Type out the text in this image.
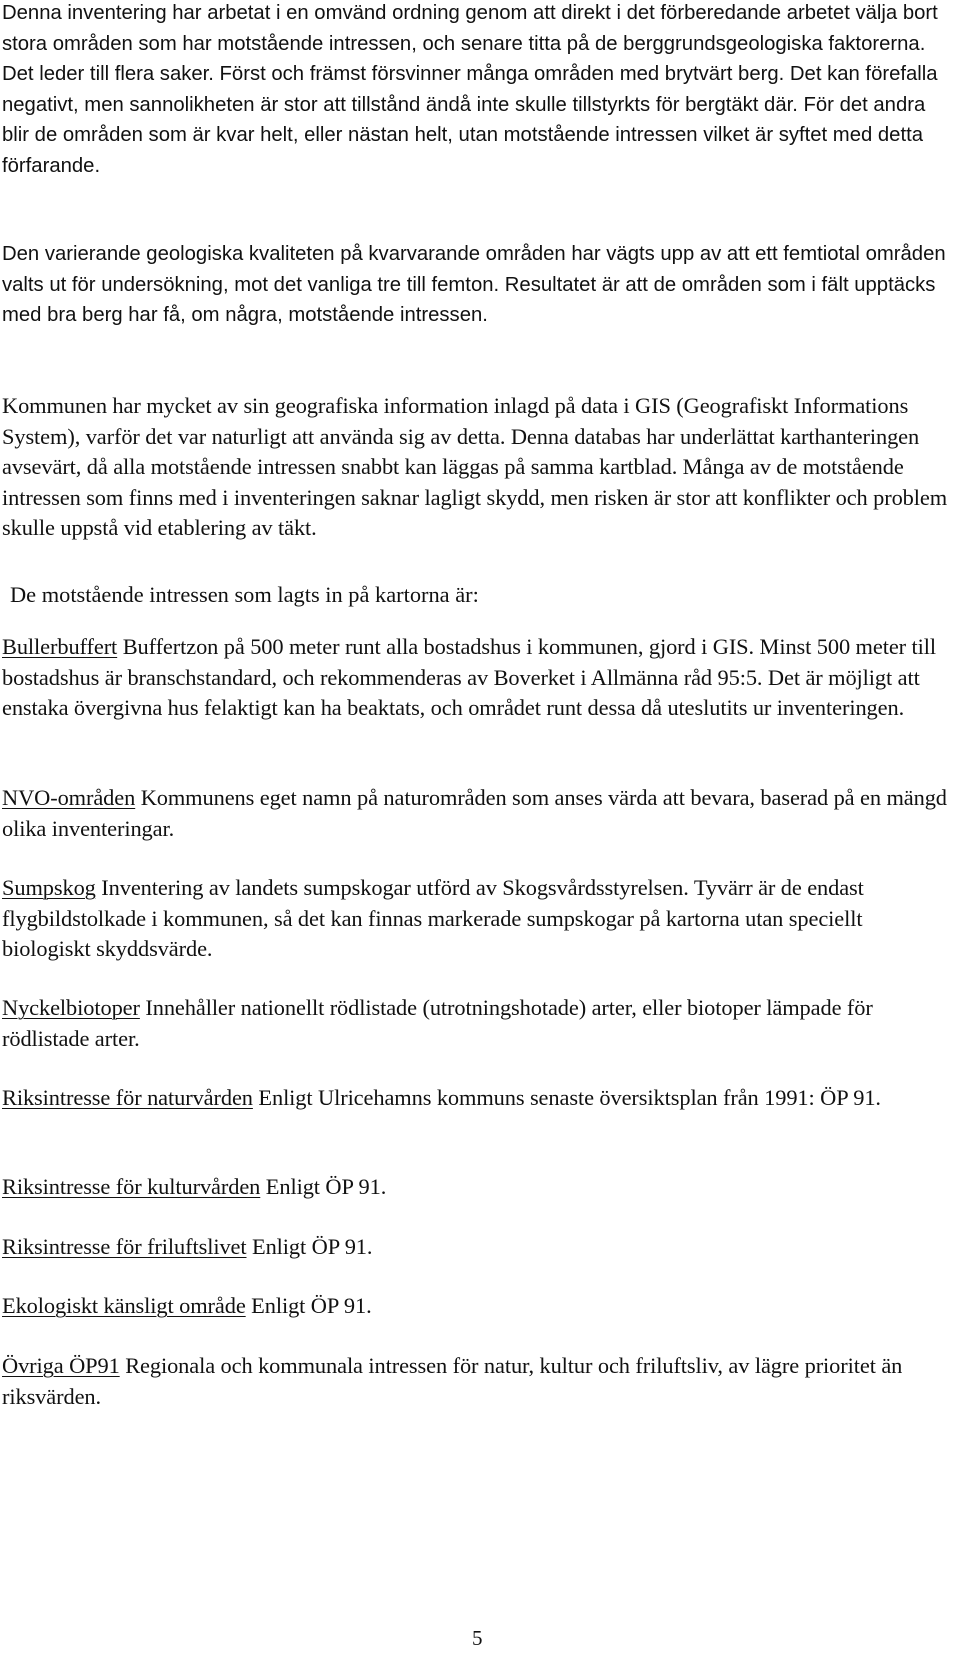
Denna inventering har arbetat i en omvänd ordning genom att direkt i det förberedande arbetet välja bort stora områden som har motstående intressen, och senare titta på de berggrundsgeologiska faktorerna. Det leder till flera saker. Först och främst försvinner många områden med brytvärt berg. Det kan förefalla negativt, men sannolikheten är stor att tillstånd ändå inte skulle tillstyrkts för bergtäkt där. För det andra blir de områden som är kvar helt, eller nästan helt, utan motstående intressen vilket är syftet med detta förfarande.

Den varierande geologiska kvaliteten på kvarvarande områden har vägts upp av att ett femtiotal områden valts ut för undersökning, mot det vanliga tre till femton. Resultatet är att de områden som i fält upptäcks med bra berg har få, om några, motstående intressen.

Kommunen har mycket av sin geografiska information inlagd på data i GIS (Geografiskt Informations System), varför det var naturligt att använda sig av detta. Denna databas har underlättat karthanteringen avsevärt, då alla motstående intressen snabbt kan läggas på samma kartblad. Många av de motstående intressen som finns med i inventeringen saknar lagligt skydd, men risken är stor att konflikter och problem skulle uppstå vid etablering av täkt.

De motstående intressen som lagts in på kartorna är:

Bullerbuffert Buffertzon på 500 meter runt alla bostadshus i kommunen, gjord i GIS. Minst 500 meter till bostadshus är branschstandard, och rekommenderas av Boverket i Allmänna råd 95:5. Det är möjligt att enstaka övergivna hus felaktigt kan ha beaktats, och området runt dessa då uteslutits ur inventeringen.

NVO-områden Kommunens eget namn på naturområden som anses värda att bevara, baserad på en mängd olika inventeringar.

Sumpskog Inventering av landets sumpskogar utförd av Skogsvårdsstyrelsen. Tyvärr är de endast flygbildstolkade i kommunen, så det kan finnas markerade sumpskogar på kartorna utan speciellt biologiskt skyddsvärde.

Nyckelbiotoper Innehåller nationellt rödlistade (utrotningshotade) arter, eller biotoper lämpade för rödlistade arter.

Riksintresse för naturvården Enligt Ulricehamns kommuns senaste översiktsplan från 1991: ÖP 91.

Riksintresse för kulturvården Enligt ÖP 91.

Riksintresse för friluftslivet Enligt ÖP 91.

Ekologiskt känsligt område Enligt ÖP 91.

Övriga ÖP91 Regionala och kommunala intressen för natur, kultur och friluftsliv, av lägre prioritet än riksvärden.

5
